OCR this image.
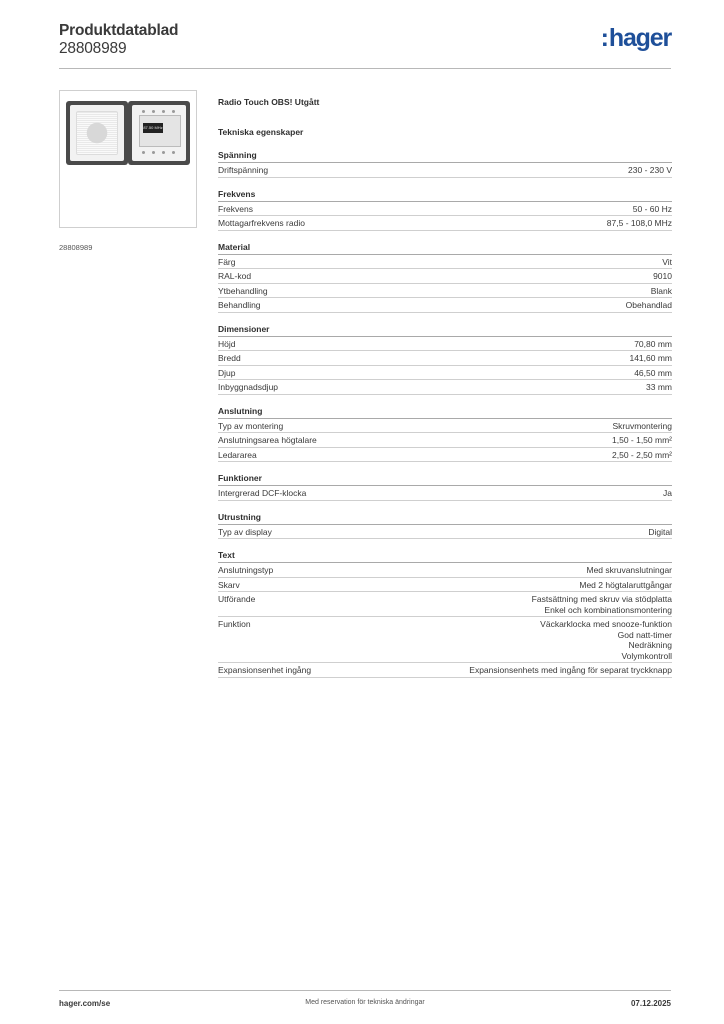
Produktdatablad
28808989	:hager
87.50 MHz
28808989
Radio Touch OBS! Utgått
Tekniska egenskaper
Spänning
Driftspänning	230 - 230 V
Frekvens
Frekvens	50 - 60 Hz
Mottagarfrekvens radio	87,5 - 108,0 MHz
Material
Färg	Vit
RAL-kod	9010
Ytbehandling	Blank
Behandling	Obehandlad
Dimensioner
Höjd	70,80 mm
Bredd	141,60 mm
Djup	46,50 mm
Inbyggnadsdjup	33 mm
Anslutning
Typ av montering	Skruvmontering
Anslutningsarea högtalare	1,50 - 1,50 mm²
Ledararea	2,50 - 2,50 mm²
Funktioner
Intergrerad DCF-klocka	Ja
Utrustning
Typ av display	Digital
Text
Anslutningstyp	Med skruvanslutningar
Skarv	Med 2 högtalaruttgångar
Utförande	Fastsättning med skruv via stödplatta
Enkel och kombinationsmontering
Funktion	Väckarklocka med snooze-funktion
God natt-timer
Nedräkning
Volymkontroll
Expansionsenhet ingång	Expansionsenhets med ingång för separat tryckknapp
hager.com/se	Med reservation för tekniska ändringar	07.12.2025
